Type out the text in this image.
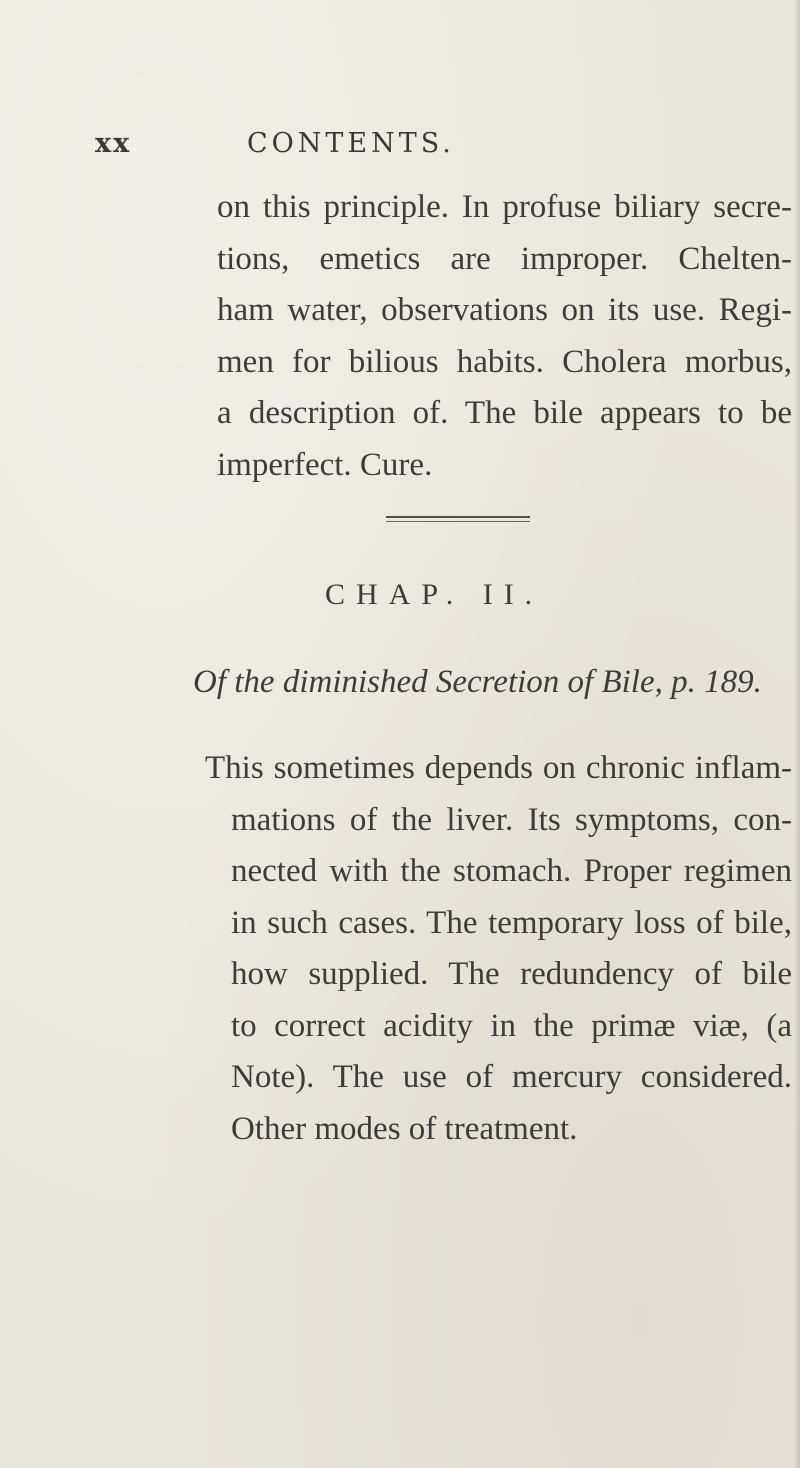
xx	CONTENTS.
on this principle. In profuse biliary secre-
tions, emetics are improper. Chelten-
ham water, observations on its use. Regi-
men for bilious habits. Cholera morbus,
a description of. The bile appears to be
imperfect. Cure.
CHAP. II.
Of the diminished Secretion of Bile, p. 189.
This sometimes depends on chronic inflam-
mations of the liver. Its symptoms, con-
nected with the stomach. Proper regimen
in such cases. The temporary loss of bile,
how supplied. The redundency of bile
to correct acidity in the primæ viæ, (a
Note). The use of mercury considered.
Other modes of treatment.
